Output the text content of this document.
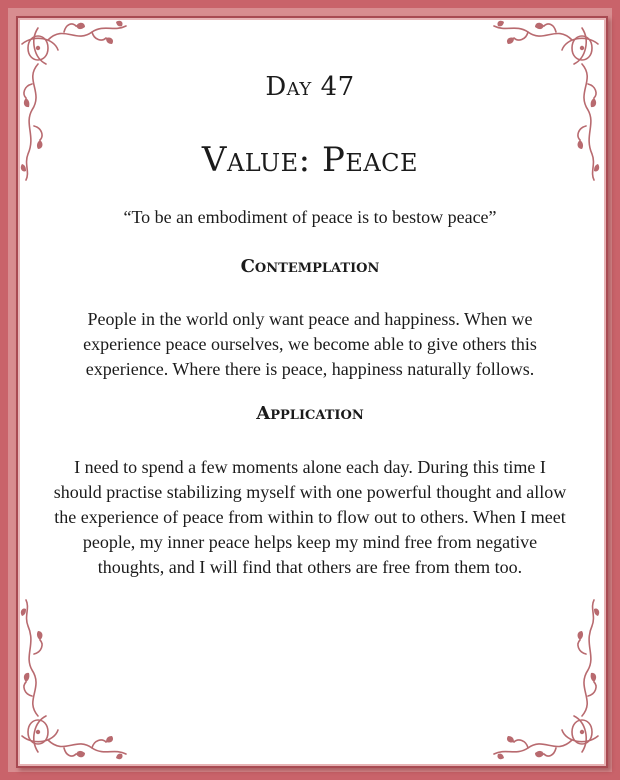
Day 47
Value: Peace
“To be an embodiment of peace is to bestow peace”
Contemplation
People in the world only want peace and happiness. When we experience peace ourselves, we become able to give others this experience. Where there is peace, happiness naturally follows.
Application
I need to spend a few moments alone each day. During this time I should practise stabilizing myself with one powerful thought and allow the experience of peace from within to flow out to others. When I meet people, my inner peace helps keep my mind free from negative thoughts, and I will find that others are free from them too.
